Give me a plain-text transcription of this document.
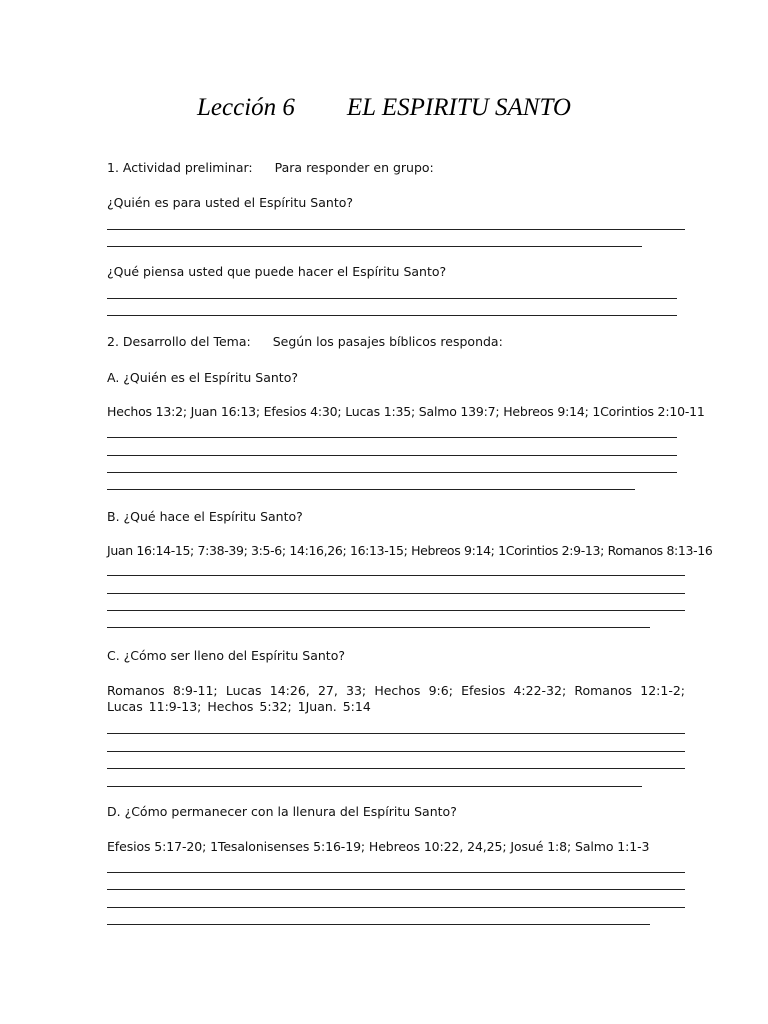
Lección 6 EL ESPIRITU SANTO
1. Actividad preliminar: Para responder en grupo:
¿Quién es para usted el Espíritu Santo?
¿Qué piensa usted que puede hacer el Espíritu Santo?
2. Desarrollo del Tema: Según los pasajes bíblicos responda:
A. ¿Quién es el Espíritu Santo?
Hechos 13:2; Juan 16:13; Efesios 4:30; Lucas 1:35; Salmo 139:7; Hebreos 9:14; 1Corintios 2:10-11
B. ¿Qué hace el Espíritu Santo?
Juan 16:14-15; 7:38-39; 3:5-6; 14:16,26; 16:13-15; Hebreos 9:14; 1Corintios 2:9-13; Romanos 8:13-16
C. ¿Cómo ser lleno del Espíritu Santo?
Romanos 8:9-11; Lucas 14:26, 27, 33; Hechos 9:6; Efesios 4:22-32; Romanos 12:1-2; Lucas 11:9-13; Hechos 5:32; 1Juan. 5:14
D. ¿Cómo permanecer con la llenura del Espíritu Santo?
Efesios 5:17-20; 1Tesalonisenses 5:16-19; Hebreos 10:22, 24,25; Josué 1:8; Salmo 1:1-3
